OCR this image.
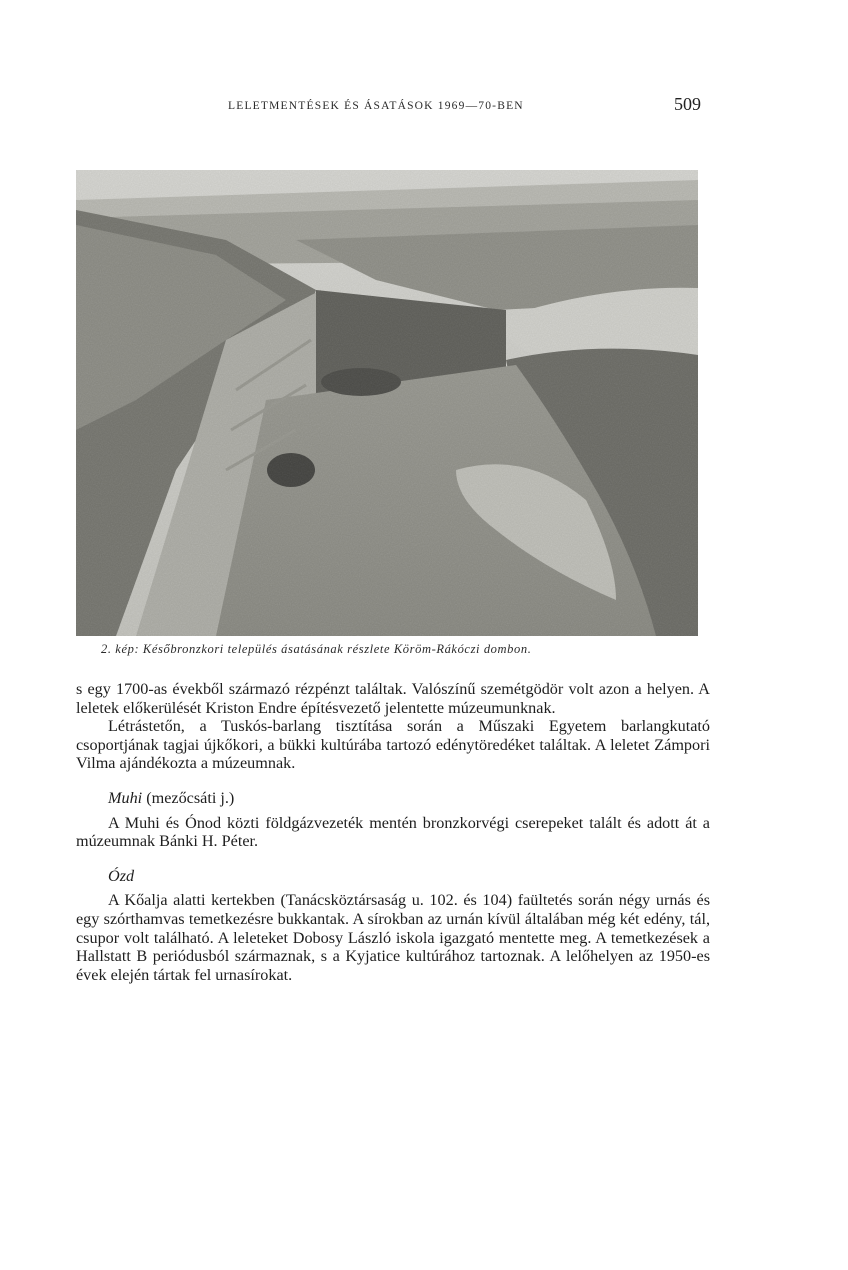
LELETMENTÉSEK ÉS ÁSATÁSOK 1969—70-BEN	509
2. kép: Későbronzkori település ásatásának részlete Köröm-Rákóczi dombon.

s egy 1700-as évekből származó rézpénzt találtak. Valószínű szemétgödör volt azon a helyen. A leletek előkerülését Kriston Endre építésvezető jelentette múzeumunknak.

Létrástetőn, a Tuskós-barlang tisztítása során a Műszaki Egyetem barlangkutató csoportjának tagjai újkőkori, a bükki kultúrába tartozó edénytöredéket találtak. A leletet Zámpori Vilma ajándékozta a múzeumnak.

Muhi (mezőcsáti j.)

A Muhi és Ónod közti földgázvezeték mentén bronzkorvégi cserepeket talált és adott át a múzeumnak Bánki H. Péter.

Ózd

A Kőalja alatti kertekben (Tanácsköztársaság u. 102. és 104) faültetés során négy urnás és egy szórthamvas temetkezésre bukkantak. A sírokban az urnán kívül általában még két edény, tál, csupor volt található. A leleteket Dobosy László iskola igazgató mentette meg. A temetkezések a Hallstatt B periódusból származnak, s a Kyjatice kultúrához tartoznak. A lelőhelyen az 1950-es évek elején tártak fel urnasírokat.
